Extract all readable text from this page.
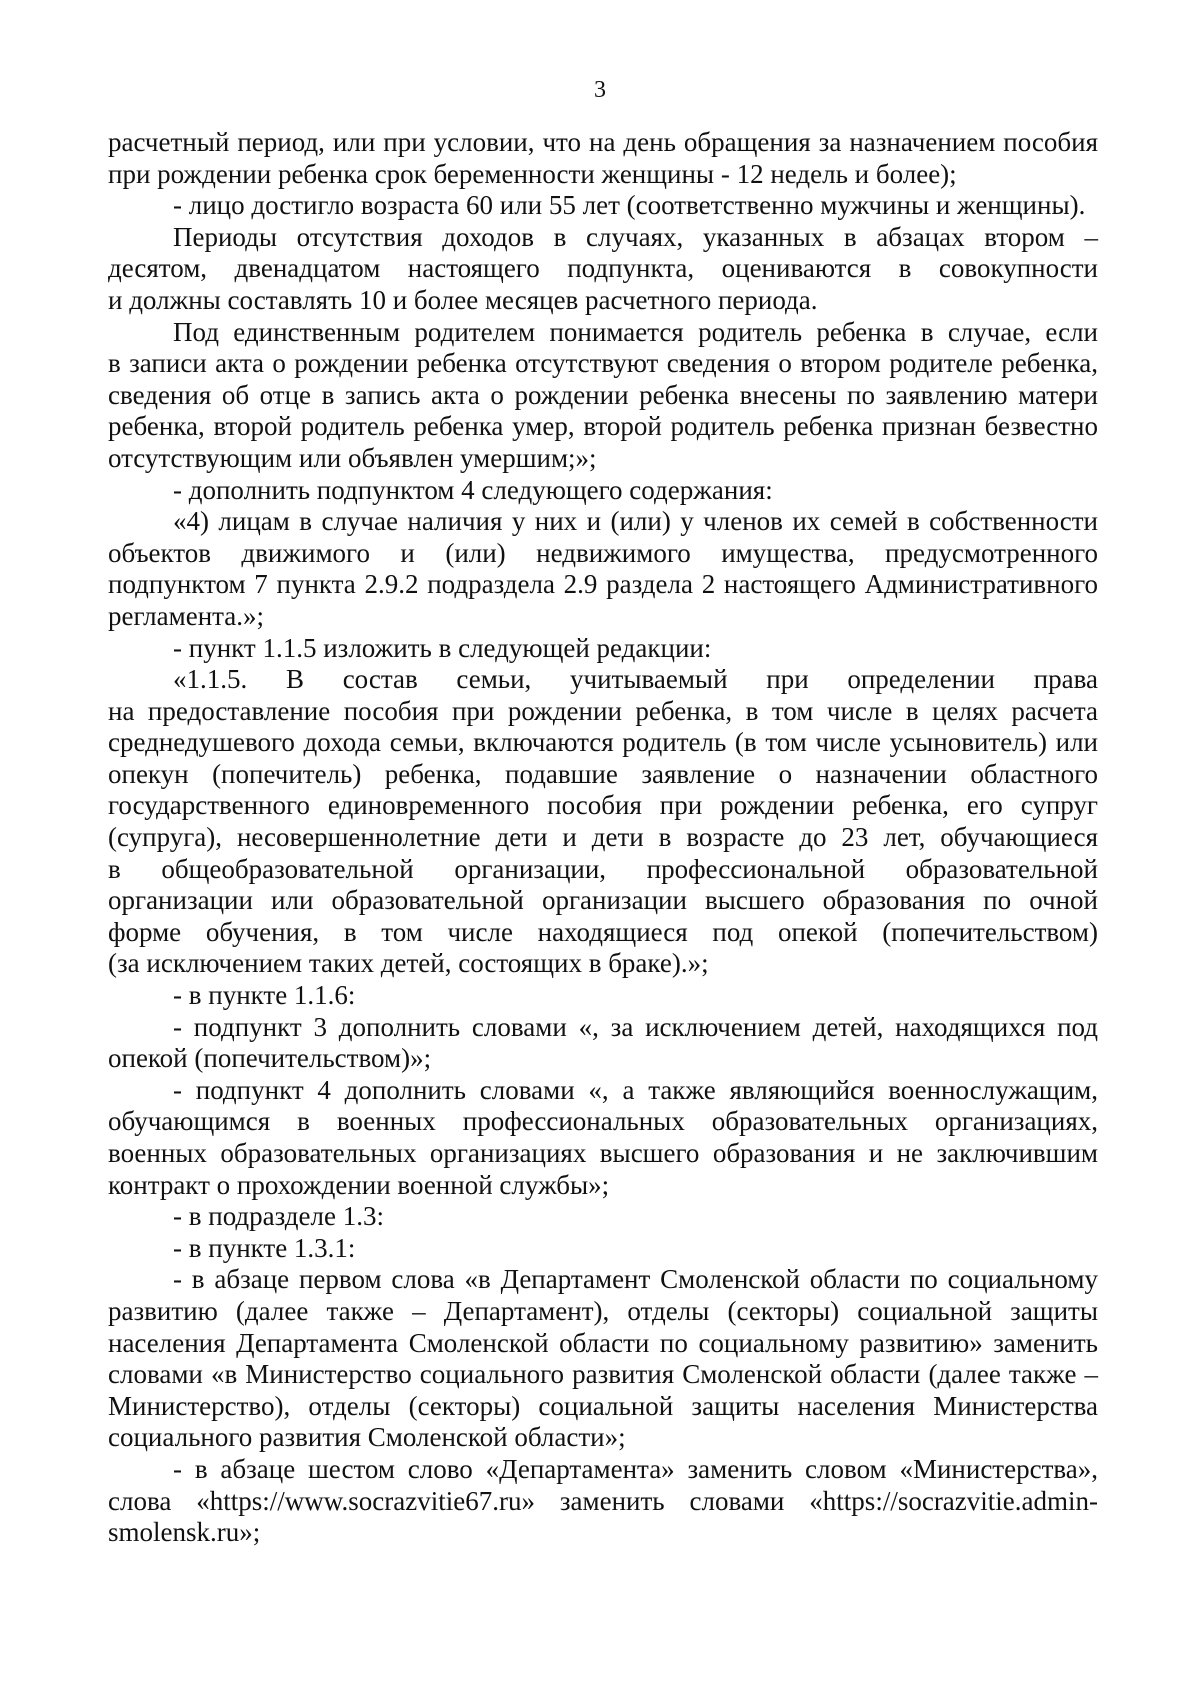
3
расчетный период, или при условии, что на день обращения за назначением пособия
при рождении ребенка срок беременности женщины - 12 недель и более);
- лицо достигло возраста 60 или 55 лет (соответственно мужчины и женщины).
Периоды отсутствия доходов в случаях, указанных в абзацах втором –
десятом, двенадцатом настоящего подпункта, оцениваются в совокупности
и должны составлять 10 и более месяцев расчетного периода.
Под единственным родителем понимается родитель ребенка в случае, если
в записи акта о рождении ребенка отсутствуют сведения о втором родителе ребенка,
сведения об отце в запись акта о рождении ребенка внесены по заявлению матери
ребенка, второй родитель ребенка умер, второй родитель ребенка признан безвестно
отсутствующим или объявлен умершим;»;
- дополнить подпунктом 4 следующего содержания:
«4) лицам в случае наличия у них и (или) у членов их семей в собственности
объектов движимого и (или) недвижимого имущества, предусмотренного
подпунктом 7 пункта 2.9.2 подраздела 2.9 раздела 2 настоящего Административного
регламента.»;
- пункт 1.1.5 изложить в следующей редакции:
«1.1.5. В состав семьи, учитываемый при определении права
на предоставление пособия при рождении ребенка, в том числе в целях расчета
среднедушевого дохода семьи, включаются родитель (в том числе усыновитель) или
опекун (попечитель) ребенка, подавшие заявление о назначении областного
государственного единовременного пособия при рождении ребенка, его супруг
(супруга), несовершеннолетние дети и дети в возрасте до 23 лет, обучающиеся
в общеобразовательной организации, профессиональной образовательной
организации или образовательной организации высшего образования по очной
форме обучения, в том числе находящиеся под опекой (попечительством)
(за исключением таких детей, состоящих в браке).»;
- в пункте 1.1.6:
- подпункт 3 дополнить словами «, за исключением детей, находящихся под
опекой (попечительством)»;
- подпункт 4 дополнить словами «, а также являющийся военнослужащим,
обучающимся в военных профессиональных образовательных организациях,
военных образовательных организациях высшего образования и не заключившим
контракт о прохождении военной службы»;
- в подразделе 1.3:
- в пункте 1.3.1:
- в абзаце первом слова «в Департамент Смоленской области по социальному
развитию (далее также – Департамент), отделы (секторы) социальной защиты
населения Департамента Смоленской области по социальному развитию» заменить
словами «в Министерство социального развития Смоленской области (далее также –
Министерство), отделы (секторы) социальной защиты населения Министерства
социального развития Смоленской области»;
- в абзаце шестом слово «Департамента» заменить словом «Министерства»,
слова «https://www.socrazvitie67.ru» заменить словами «https://socrazvitie.admin-
smolensk.ru»;
